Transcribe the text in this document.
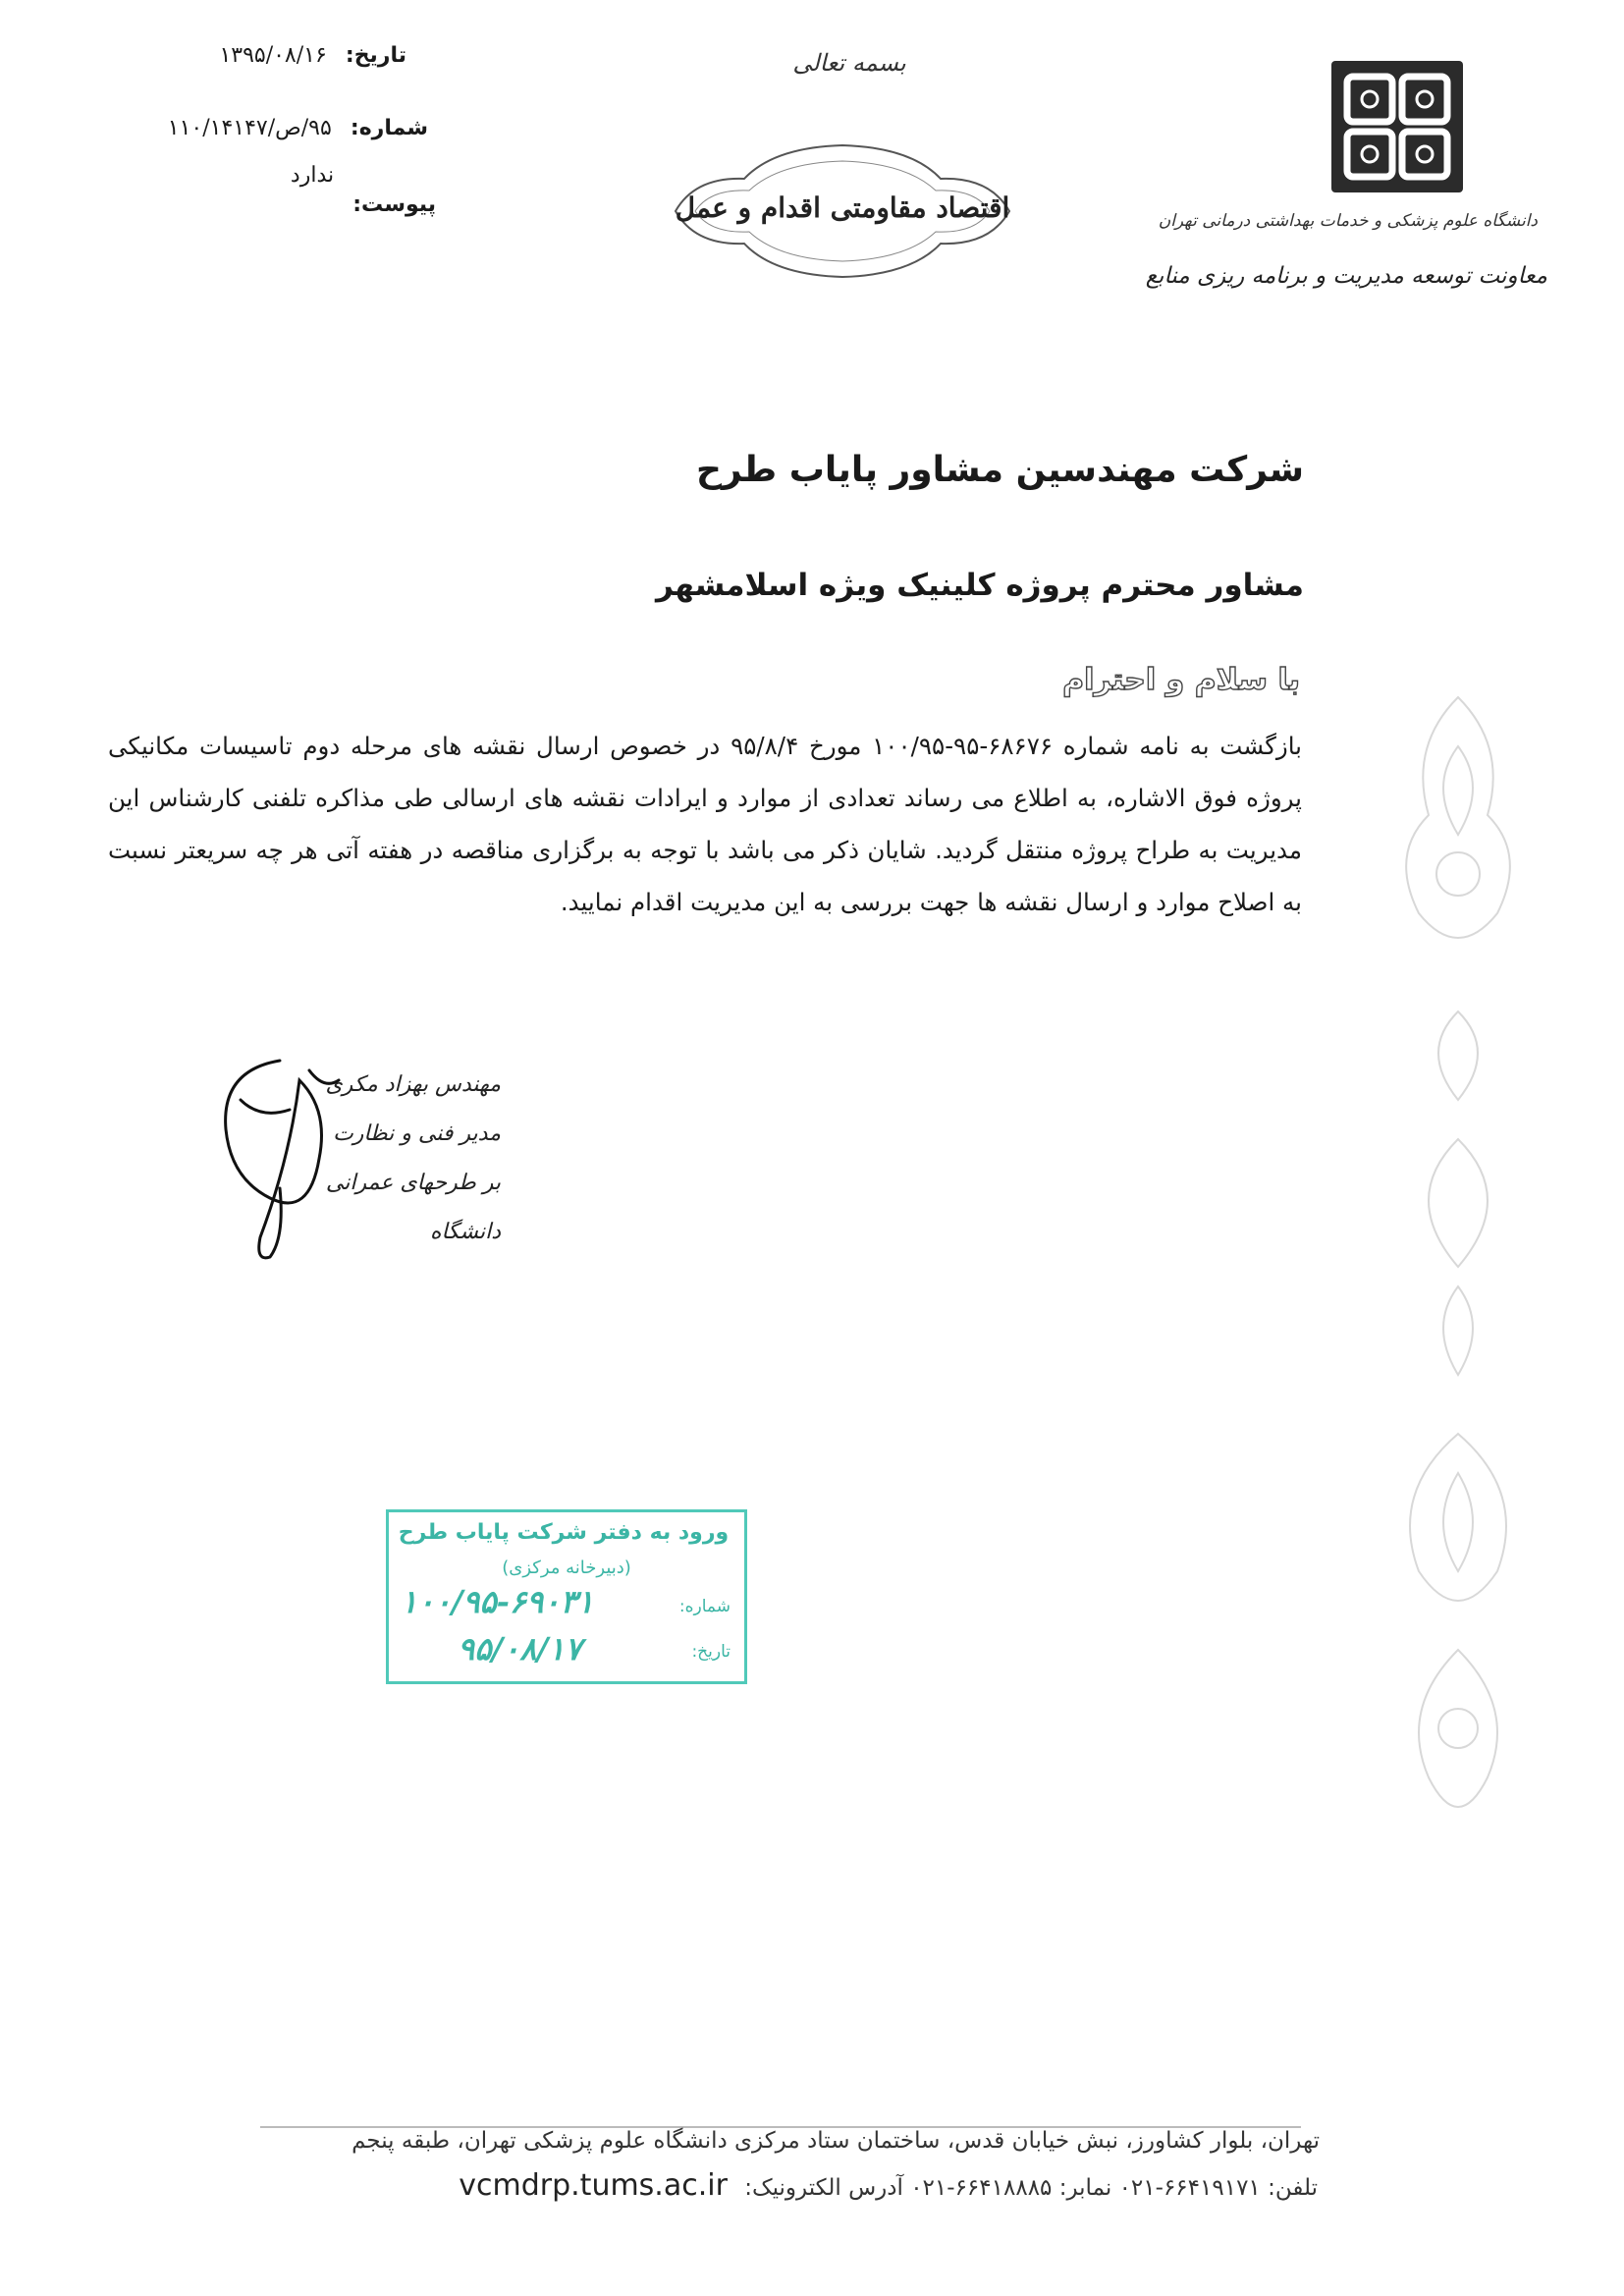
تاریخ: ۱۳۹۵/۰۸/۱۶
شماره: ۹۵/ص/۱۱۰/۱۴۱۴۷
پیوست: ندارد
بسمه تعالی
اقتصاد مقاومتی اقدام و عمل	دانشگاه علوم پزشکی و خدمات بهداشتی درمانی تهران
معاونت توسعه مدیریت و برنامه ریزی منابع
شرکت مهندسین مشاور پایاب طرح
مشاور محترم پروژه کلینیک ویژه اسلامشهر
با سلام و احترام
بازگشت به نامه شماره ۶۸۶۷۶-۹۵-۱۰۰/۹۵ مورخ ۹۵/۸/۴ در خصوص ارسال نقشه های مرحله دوم تاسیسات مکانیکی پروژه فوق الاشاره، به اطلاع می رساند تعدادی از موارد و ایرادات نقشه های ارسالی طی مذاکره تلفنی کارشناس این مدیریت به طراح پروژه منتقل گردید. شایان ذکر می باشد با توجه به برگزاری مناقصه در هفته آتی هر چه سریعتر نسبت به اصلاح موارد و ارسال نقشه ها جهت بررسی به این مدیریت اقدام نمایید.
مهندس بهزاد مکری
مدیر فنی و نظارت
بر طرحهای عمرانی دانشگاه
ورود به دفتر شرکت پایاب طرح
(دبیرخانه مرکزی)
شماره:
۱۰۰/۹۵-۶۹۰۳۱
تاریخ:
۹۵/۰۸/۱۷
تهران، بلوار کشاورز، نبش خیابان قدس، ساختمان ستاد مرکزی دانشگاه علوم پزشکی تهران، طبقه پنجم
تلفن: ۶۶۴۱۹۱۷۱-۰۲۱ نمابر: ۶۶۴۱۸۸۸۵-۰۲۱ آدرس الکترونیک: vcmdrp.tums.ac.ir
